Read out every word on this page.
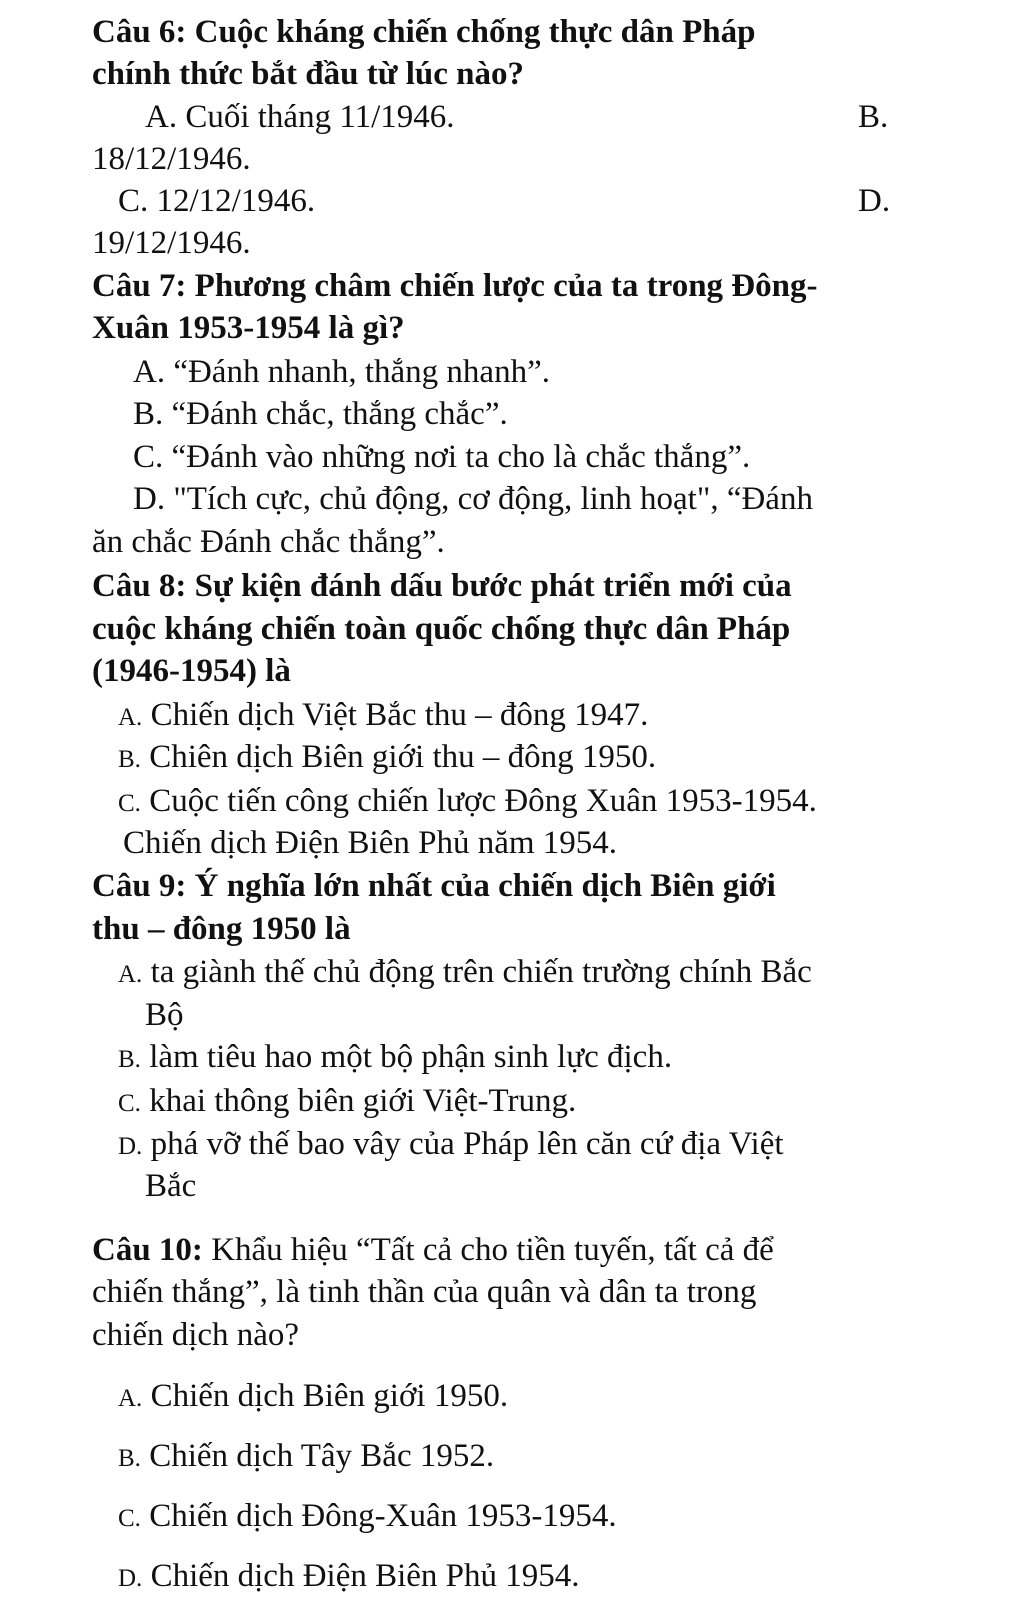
Câu 6: Cuộc kháng chiến chống thực dân Pháp
chính thức bắt đầu từ lúc nào?
A. Cuối tháng 11/1946.	B.
18/12/1946.
C. 12/12/1946.	D.
19/12/1946.
Câu 7: Phương châm chiến lược của ta trong Đông-
Xuân 1953-1954 là gì?
A. “Đánh nhanh, thắng nhanh”.
B. “Đánh chắc, thắng chắc”.
C. “Đánh vào những nơi ta cho là chắc thắng”.
D. "Tích cực, chủ động, cơ động, linh hoạt", “Đánh
ăn chắc Đánh chắc thắng”.
Câu 8: Sự kiện đánh dấu bước phát triển mới của
cuộc kháng chiến toàn quốc chống thực dân Pháp
(1946-1954) là
A. Chiến dịch Việt Bắc thu – đông 1947.
B. Chiên dịch Biên giới thu – đông 1950.
C. Cuộc tiến công chiến lược Đông Xuân 1953-1954.
Chiến dịch Điện Biên Phủ năm 1954.
Câu 9: Ý nghĩa lớn nhất của chiến dịch Biên giới
thu – đông 1950 là
A. ta giành thế chủ động trên chiến trường chính Bắc
Bộ
B. làm tiêu hao một bộ phận sinh lực địch.
C. khai thông biên giới Việt-Trung.
D. phá vỡ thế bao vây của Pháp lên căn cứ địa Việt
Bắc
Câu 10: Khẩu hiệu “Tất cả cho tiền tuyến, tất cả để
chiến thắng”, là tinh thần của quân và dân ta trong
chiến dịch nào?
A. Chiến dịch Biên giới 1950.
B. Chiến dịch Tây Bắc 1952.
C. Chiến dịch Đông-Xuân 1953-1954.
D. Chiến dịch Điện Biên Phủ 1954.
